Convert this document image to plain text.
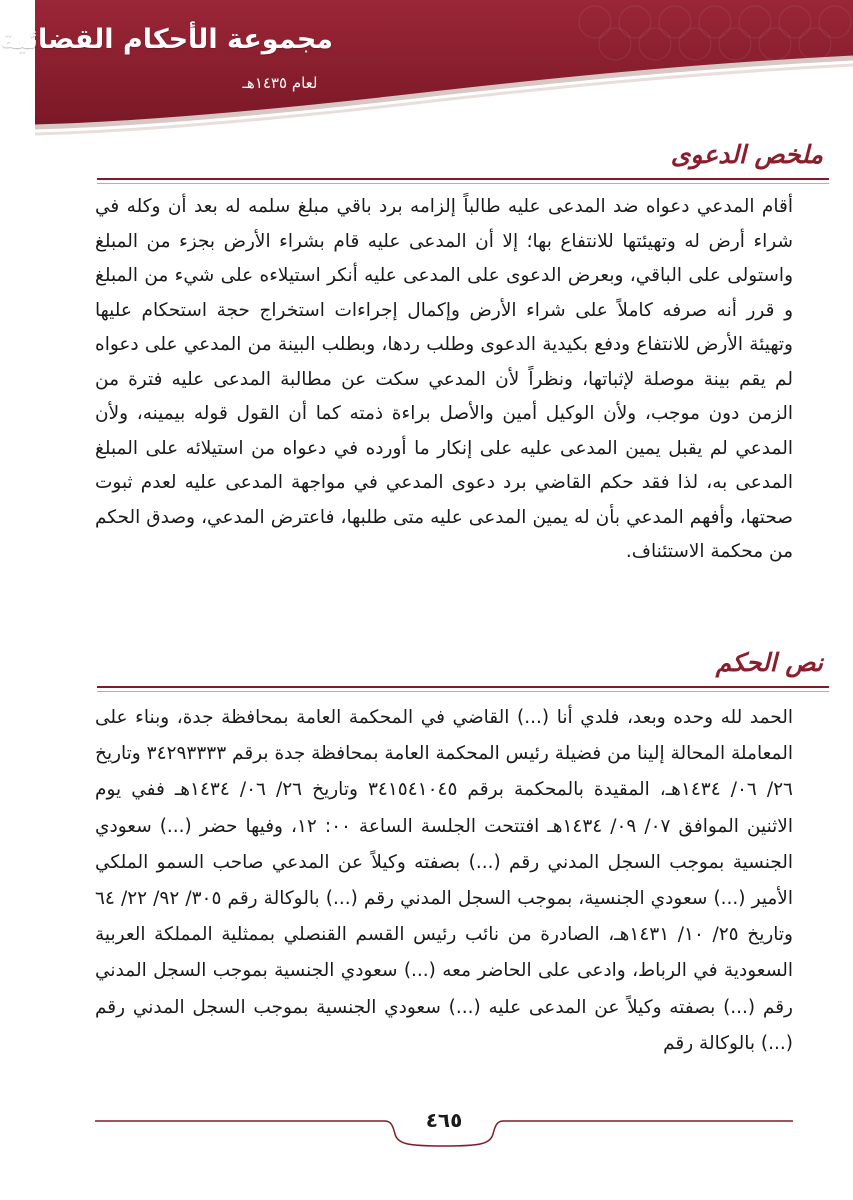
مجموعة الأحكام القضائية
لعام ١٤٣٥هـ
ملخص الدعوى

أقام المدعي دعواه ضد المدعى عليه طالباً إلزامه برد باقي مبلغ سلمه له بعد أن وكله في شراء أرض له وتهيئتها للانتفاع بها؛ إلا أن المدعى عليه قام بشراء الأرض بجزء من المبلغ واستولى على الباقي، وبعرض الدعوى على المدعى عليه أنكر استيلاءه على شيء من المبلغ و قرر أنه صرفه كاملاً على شراء الأرض وإكمال إجراءات استخراج حجة استحكام عليها وتهيئة الأرض للانتفاع ودفع بكيدية الدعوى وطلب ردها، وبطلب البينة من المدعي على دعواه لم يقم بينة موصلة لإثباتها، ونظراً لأن المدعي سكت عن مطالبة المدعى عليه فترة من الزمن دون موجب، ولأن الوكيل أمين والأصل براءة ذمته كما أن القول قوله بيمينه، ولأن المدعي لم يقبل يمين المدعى عليه على إنكار ما أورده في دعواه من استيلائه على المبلغ المدعى به، لذا فقد حكم القاضي برد دعوى المدعي في مواجهة المدعى عليه لعدم ثبوت صحتها، وأفهم المدعي بأن له يمين المدعى عليه متى طلبها، فاعترض المدعي، وصدق الحكم من محكمة الاستئناف.

نص الحكم

الحمد لله وحده وبعد، فلدي أنا (...) القاضي في المحكمة العامة بمحافظة جدة، وبناء على المعاملة المحالة إلينا من فضيلة رئيس المحكمة العامة بمحافظة جدة برقم ٣٤٢٩٣٣٣٣ وتاريخ ٢٦/ ٠٦/ ١٤٣٤هـ، المقيدة بالمحكمة برقم ٣٤١٥٤١٠٤٥ وتاريخ ٢٦/ ٠٦/ ١٤٣٤هـ ففي يوم الاثنين الموافق ٠٧/ ٠٩/ ١٤٣٤هـ افتتحت الجلسة الساعة ٠٠: ١٢، وفيها حضر (...) سعودي الجنسية بموجب السجل المدني رقم (...) بصفته وكيلاً عن المدعي صاحب السمو الملكي الأمير (...) سعودي الجنسية، بموجب السجل المدني رقم (...) بالوكالة رقم ٣٠٥/ ٩٢/ ٢٢/ ٦٤ وتاريخ ٢٥/ ١٠/ ١٤٣١هـ، الصادرة من نائب رئيس القسم القنصلي بممثلية المملكة العربية السعودية في الرباط، وادعى على الحاضر معه (...) سعودي الجنسية بموجب السجل المدني رقم (...) بصفته وكيلاً عن المدعى عليه (...) سعودي الجنسية بموجب السجل المدني رقم (...) بالوكالة رقم

٤٦٥
